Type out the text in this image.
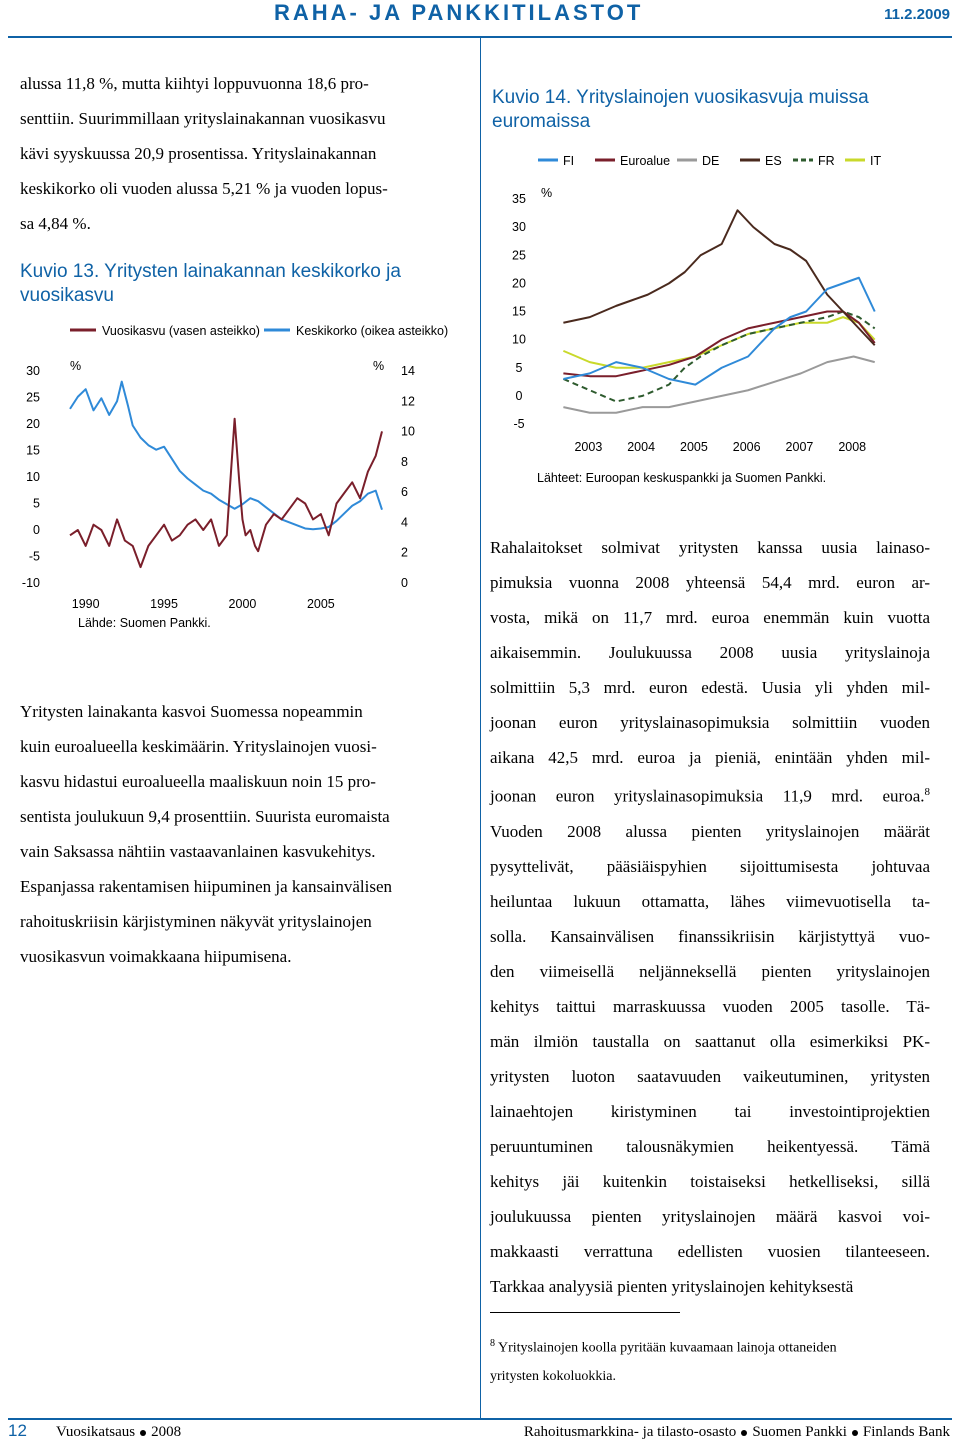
RAHA- JA PANKKITILASTOT	11.2.2009

alussa 11,8 %, mutta kiihtyi loppuvuonna 18,6 pro-

senttiin. Suurimmillaan yrityslainakannan vuosikasvu

kävi syyskuussa 20,9 prosentissa. Yrityslainakannan

keskikorko oli vuoden alussa 5,21 % ja vuoden lopus-

sa 4,84 %.

Kuvio 13. Yritysten lainakannan keskikorko ja
vuosikasvu
Vuosikasvu (vasen asteikko)	Keskikorko (oikea asteikko)
30
25
20
15
10
5
0
-5
-10
14
12
10
8
6
4
2
0
%	%
1990	1995	2000	2005
Lähde: Suomen Pankki.

Yritysten lainakanta kasvoi Suomessa nopeammin

kuin euroalueella keskimäärin. Yrityslainojen vuosi-

kasvu hidastui euroalueella maaliskuun noin 15 pro-

sentista joulukuun 9,4 prosenttiin. Suurista euromaista

vain Saksassa nähtiin vastaavanlainen kasvukehitys.

Espanjassa rakentamisen hiipuminen ja kansainvälisen

rahoituskriisin kärjistyminen näkyvät yrityslainojen

vuosikasvun voimakkaana hiipumisena.

Kuvio 14. Yrityslainojen vuosikasvuja muissa
euromaissa
FI	Euroalue	DE	ES	FR	IT
35
30
25
20
15
10
5
0
-5
%
2003 2004 2005 2006 2007 2008
Lähteet: Euroopan keskuspankki ja Suomen Pankki.

Rahalaitokset solmivat yritysten kanssa uusia lainaso-

pimuksia vuonna 2008 yhteensä 54,4 mrd. euron ar-

vosta, mikä on 11,7 mrd. euroa enemmän kuin vuotta

aikaisemmin. Joulukuussa 2008 uusia yrityslainoja

solmittiin 5,3 mrd. euron edestä. Uusia yli yhden mil-

joonan euron yrityslainasopimuksia solmittiin vuoden

aikana 42,5 mrd. euroa ja pieniä, enintään yhden mil-

joonan euron yrityslainasopimuksia 11,9 mrd. euroa.$^8$

Vuoden 2008 alussa pienten yrityslainojen määrät

pysyttelivät, pääsiäispyhien sijoittumisesta johtuvaa

heiluntaa lukuun ottamatta, lähes viimevuotisella ta-

solla. Kansainvälisen finanssikriisin kärjistyttyä vuo-

den viimeisellä neljänneksellä pienten yrityslainojen

kehitys taittui marraskuussa vuoden 2005 tasolle. Tä-

män ilmiön taustalla on saattanut olla esimerkiksi PK-

yritysten luoton saatavuuden vaikeutuminen, yritysten

lainaehtojen kiristyminen tai investointiprojektien

peruuntuminen talousnäkymien heikentyessä. Tämä

kehitys jäi kuitenkin toistaiseksi hetkelliseksi, sillä

joulukuussa pienten yrityslainojen määrä kasvoi voi-

makkaasti verrattuna edellisten vuosien tilanteeseen.

Tarkkaa analyysiä pienten yrityslainojen kehityksestä

$^8$ Yrityslainojen koolla pyritään kuvaamaan lainoja ottaneiden
yritysten kokoluokkia.
12 Vuosikatsaus 2008	Rahoitusmarkkina- ja tilasto-osasto Suomen Pankki Finlands Bank
